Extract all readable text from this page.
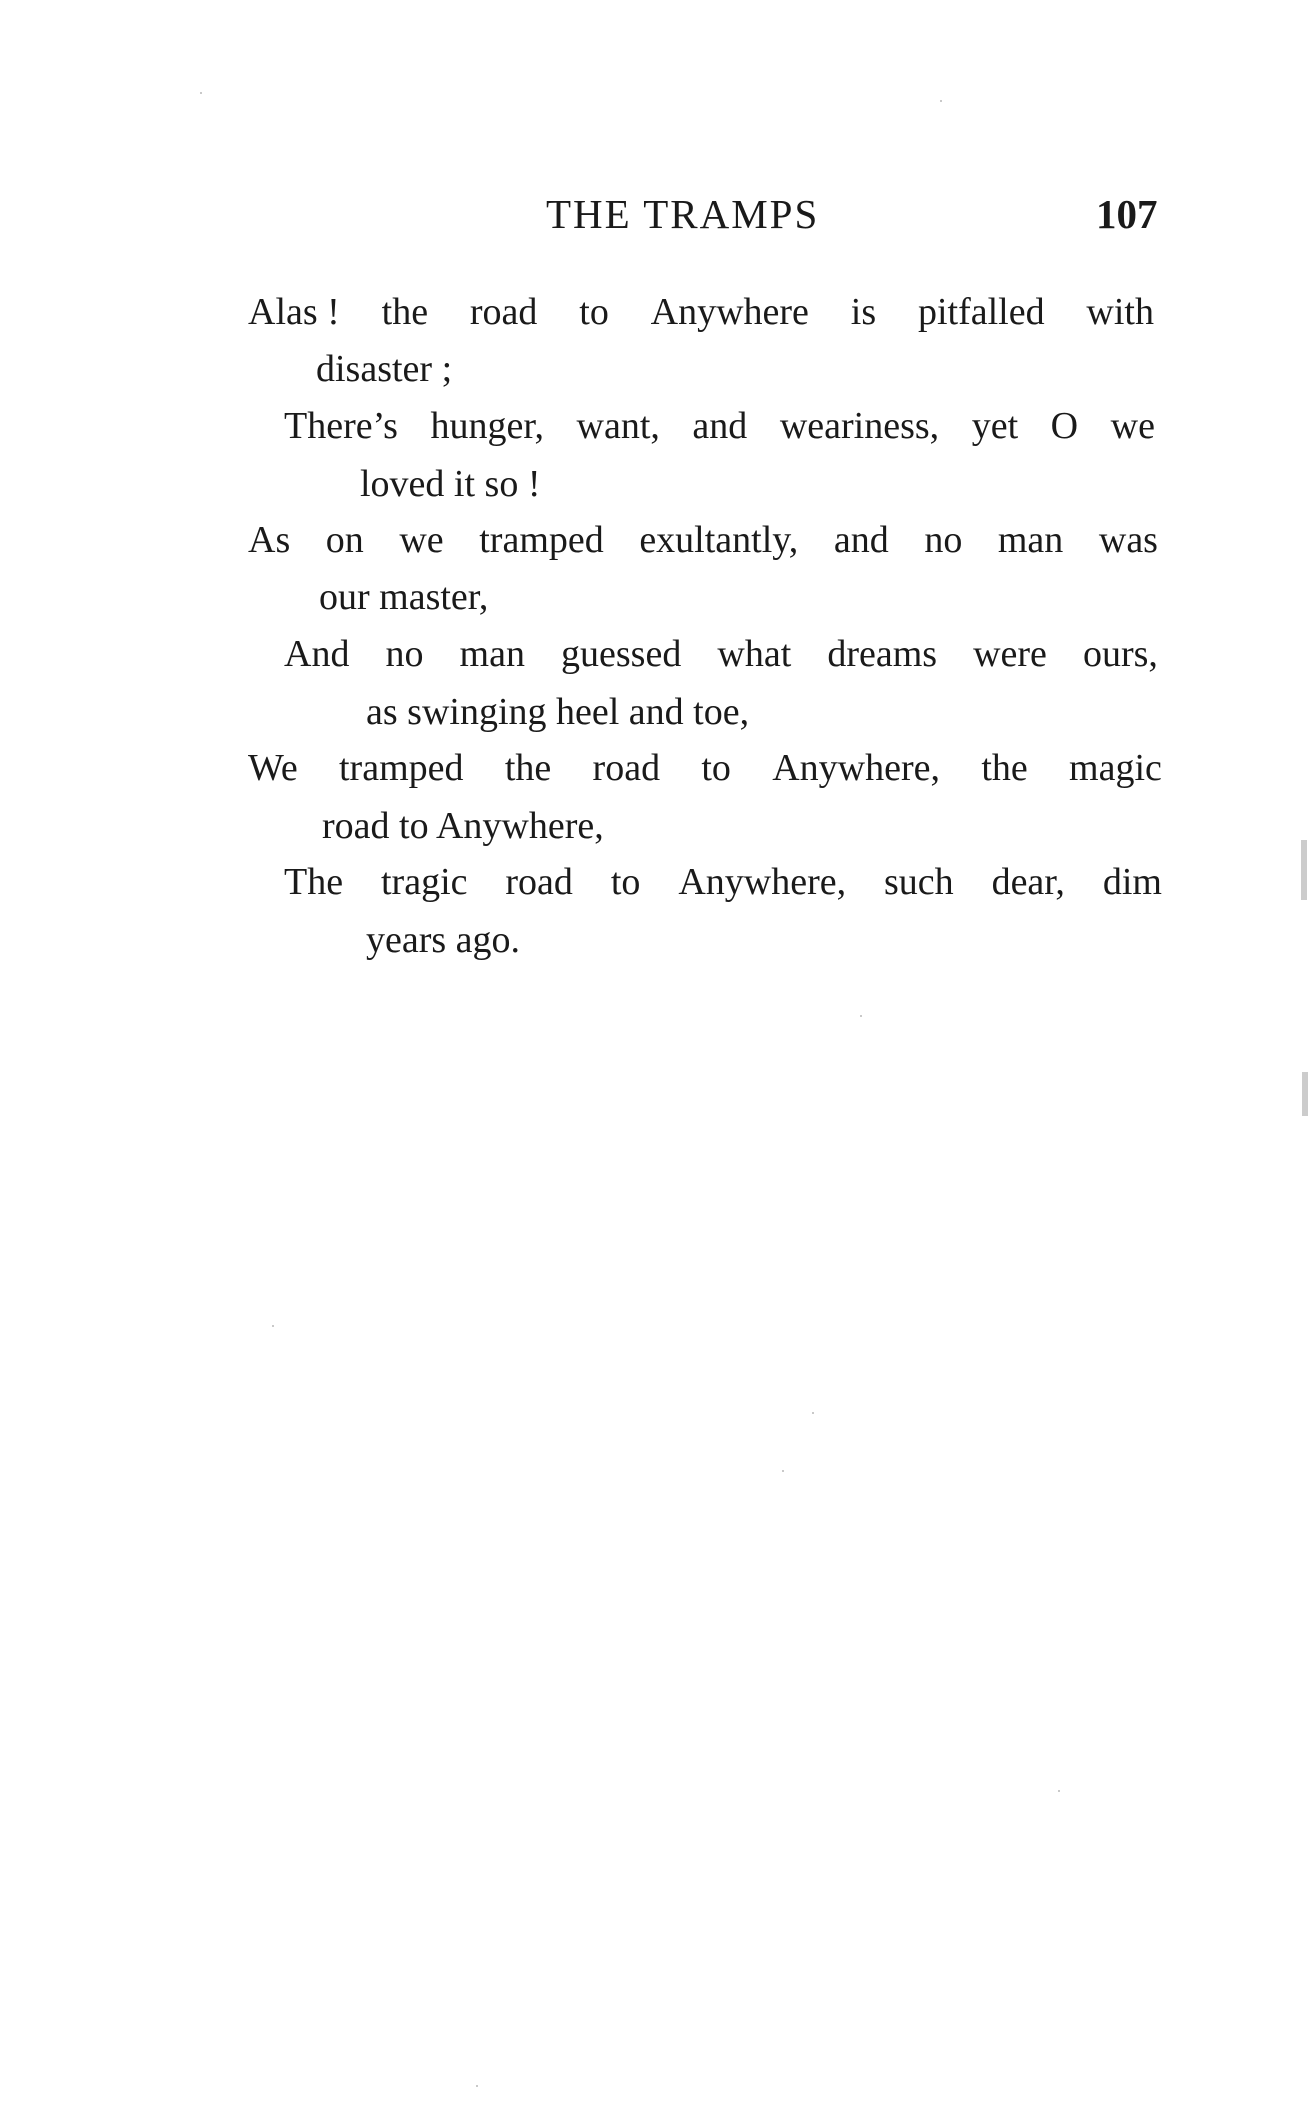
THE TRAMPS	107
Alas ! the road to Anywhere is pitfalled with
disaster ;
There’s hunger, want, and weariness, yet O we
loved it so !
As on we tramped exultantly, and no man was
our master,
And no man guessed what dreams were ours,
as swinging heel and toe,
We tramped the road to Anywhere, the magic
road to Anywhere,
The tragic road to Anywhere, such dear, dim
years ago.
